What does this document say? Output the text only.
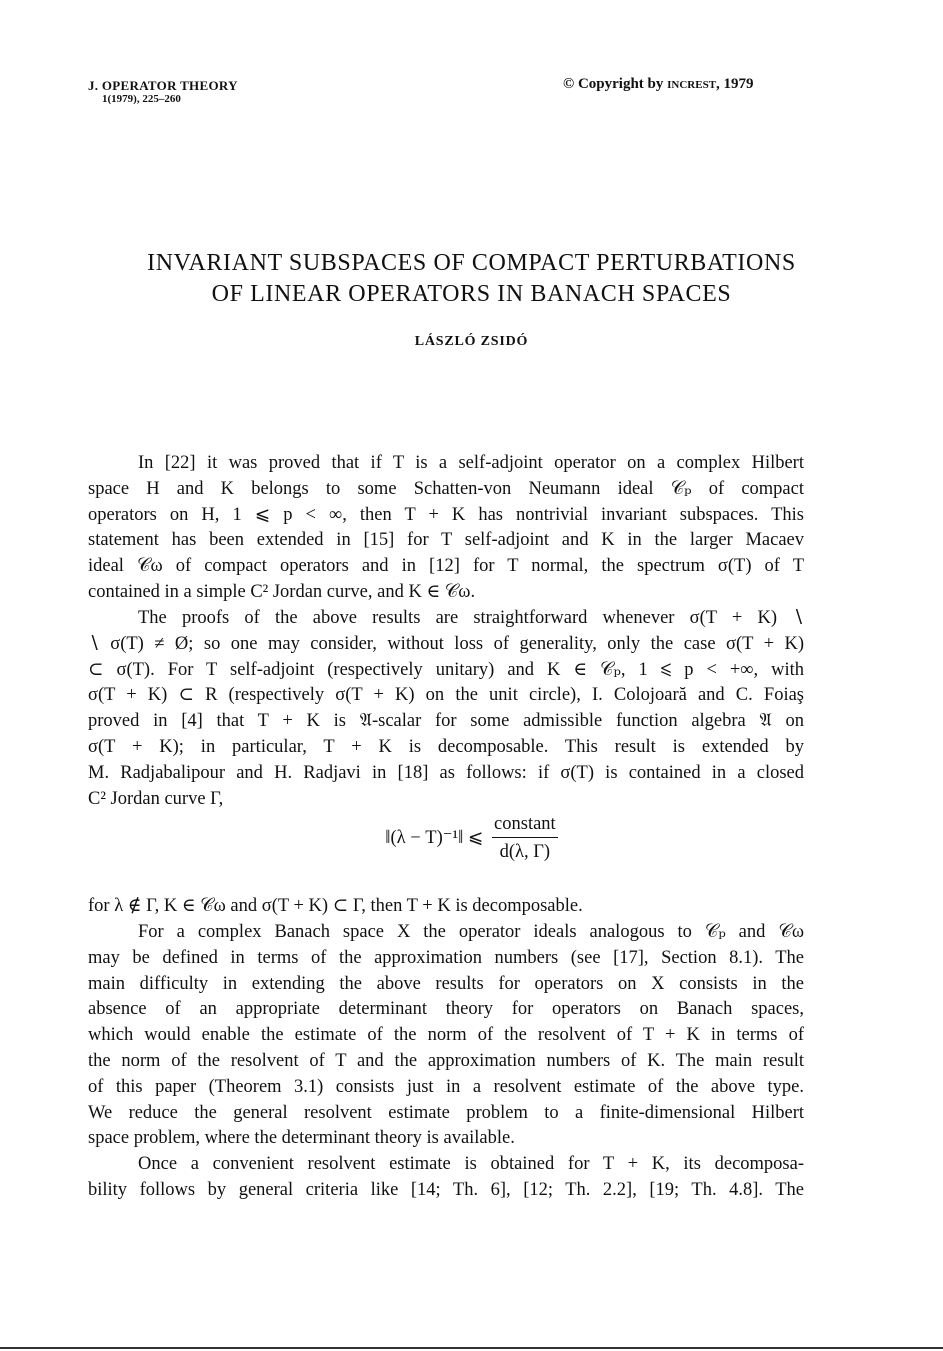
J. OPERATOR THEORY
1(1979), 225–260
© Copyright by INCREST, 1979
INVARIANT SUBSPACES OF COMPACT PERTURBATIONS
OF LINEAR OPERATORS IN BANACH SPACES
LÁSZLÓ ZSIDÓ
In [22] it was proved that if T is a self-adjoint operator on a complex Hilbert
space H and K belongs to some Schatten-von Neumann ideal 𝒞ₚ of compact
operators on H, 1 ⩽ p < ∞, then T + K has nontrivial invariant subspaces. This
statement has been extended in [15] for T self-adjoint and K in the larger Macaev
ideal 𝒞ω of compact operators and in [12] for T normal, the spectrum σ(T) of T
contained in a simple C² Jordan curve, and K ∈ 𝒞ω.
The proofs of the above results are straightforward whenever σ(T + K) ∖
∖ σ(T) ≠ Ø; so one may consider, without loss of generality, only the case σ(T + K)
⊂ σ(T). For T self-adjoint (respectively unitary) and K ∈ 𝒞ₚ, 1 ⩽ p < +∞, with
σ(T + K) ⊂ R (respectively σ(T + K) on the unit circle), I. Colojoară and C. Foiaş
proved in [4] that T + K is 𝔄-scalar for some admissible function algebra 𝔄 on
σ(T + K); in particular, T + K is decomposable. This result is extended by
M. Radjabalipour and H. Radjavi in [18] as follows: if σ(T) is contained in a closed
C² Jordan curve Γ,
for λ ∉ Γ, K ∈ 𝒞ω and σ(T + K) ⊂ Γ, then T + K is decomposable.
For a complex Banach space X the operator ideals analogous to 𝒞ₚ and 𝒞ω
may be defined in terms of the approximation numbers (see [17], Section 8.1). The
main difficulty in extending the above results for operators on X consists in the
absence of an appropriate determinant theory for operators on Banach spaces,
which would enable the estimate of the norm of the resolvent of T + K in terms of
the norm of the resolvent of T and the approximation numbers of K. The main result
of this paper (Theorem 3.1) consists just in a resolvent estimate of the above type.
We reduce the general resolvent estimate problem to a finite-dimensional Hilbert
space problem, where the determinant theory is available.
Once a convenient resolvent estimate is obtained for T + K, its decomposa-
bility follows by general criteria like [14; Th. 6], [12; Th. 2.2], [19; Th. 4.8]. The
‖(λ − T)⁻¹‖ ⩽ $\frac{\text{constant}}{d(\lambda, \Gamma)}$
